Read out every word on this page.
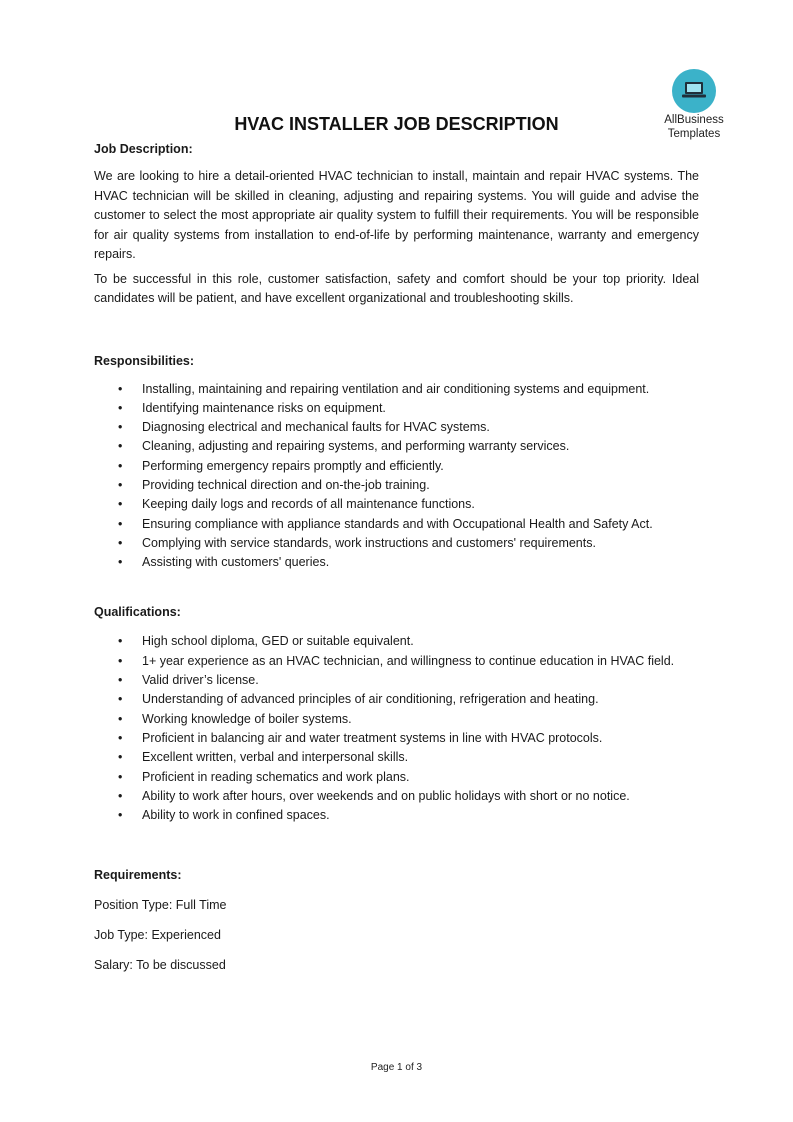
AllBusiness
Templates
HVAC INSTALLER JOB DESCRIPTION

Job Description:

We are looking to hire a detail-oriented HVAC technician to install, maintain and repair HVAC systems. The HVAC technician will be skilled in cleaning, adjusting and repairing systems. You will guide and advise the customer to select the most appropriate air quality system to fulfill their requirements. You will be responsible for air quality systems from installation to end-of-life by performing maintenance, warranty and emergency repairs.

To be successful in this role, customer satisfaction, safety and comfort should be your top priority. Ideal candidates will be patient, and have excellent organizational and troubleshooting skills.

Responsibilities:

• Installing, maintaining and repairing ventilation and air conditioning systems and equipment.
• Identifying maintenance risks on equipment.
• Diagnosing electrical and mechanical faults for HVAC systems.
• Cleaning, adjusting and repairing systems, and performing warranty services.
• Performing emergency repairs promptly and efficiently.
• Providing technical direction and on-the-job training.
• Keeping daily logs and records of all maintenance functions.
• Ensuring compliance with appliance standards and with Occupational Health and Safety Act.
• Complying with service standards, work instructions and customers' requirements.
• Assisting with customers' queries.

Qualifications:

• High school diploma, GED or suitable equivalent.
• 1+ year experience as an HVAC technician, and willingness to continue education in HVAC field.
• Valid driver’s license.
• Understanding of advanced principles of air conditioning, refrigeration and heating.
• Working knowledge of boiler systems.
• Proficient in balancing air and water treatment systems in line with HVAC protocols.
• Excellent written, verbal and interpersonal skills.
• Proficient in reading schematics and work plans.
• Ability to work after hours, over weekends and on public holidays with short or no notice.
• Ability to work in confined spaces.

Requirements:

Position Type: Full Time

Job Type: Experienced

Salary: To be discussed

Page 1 of 3
